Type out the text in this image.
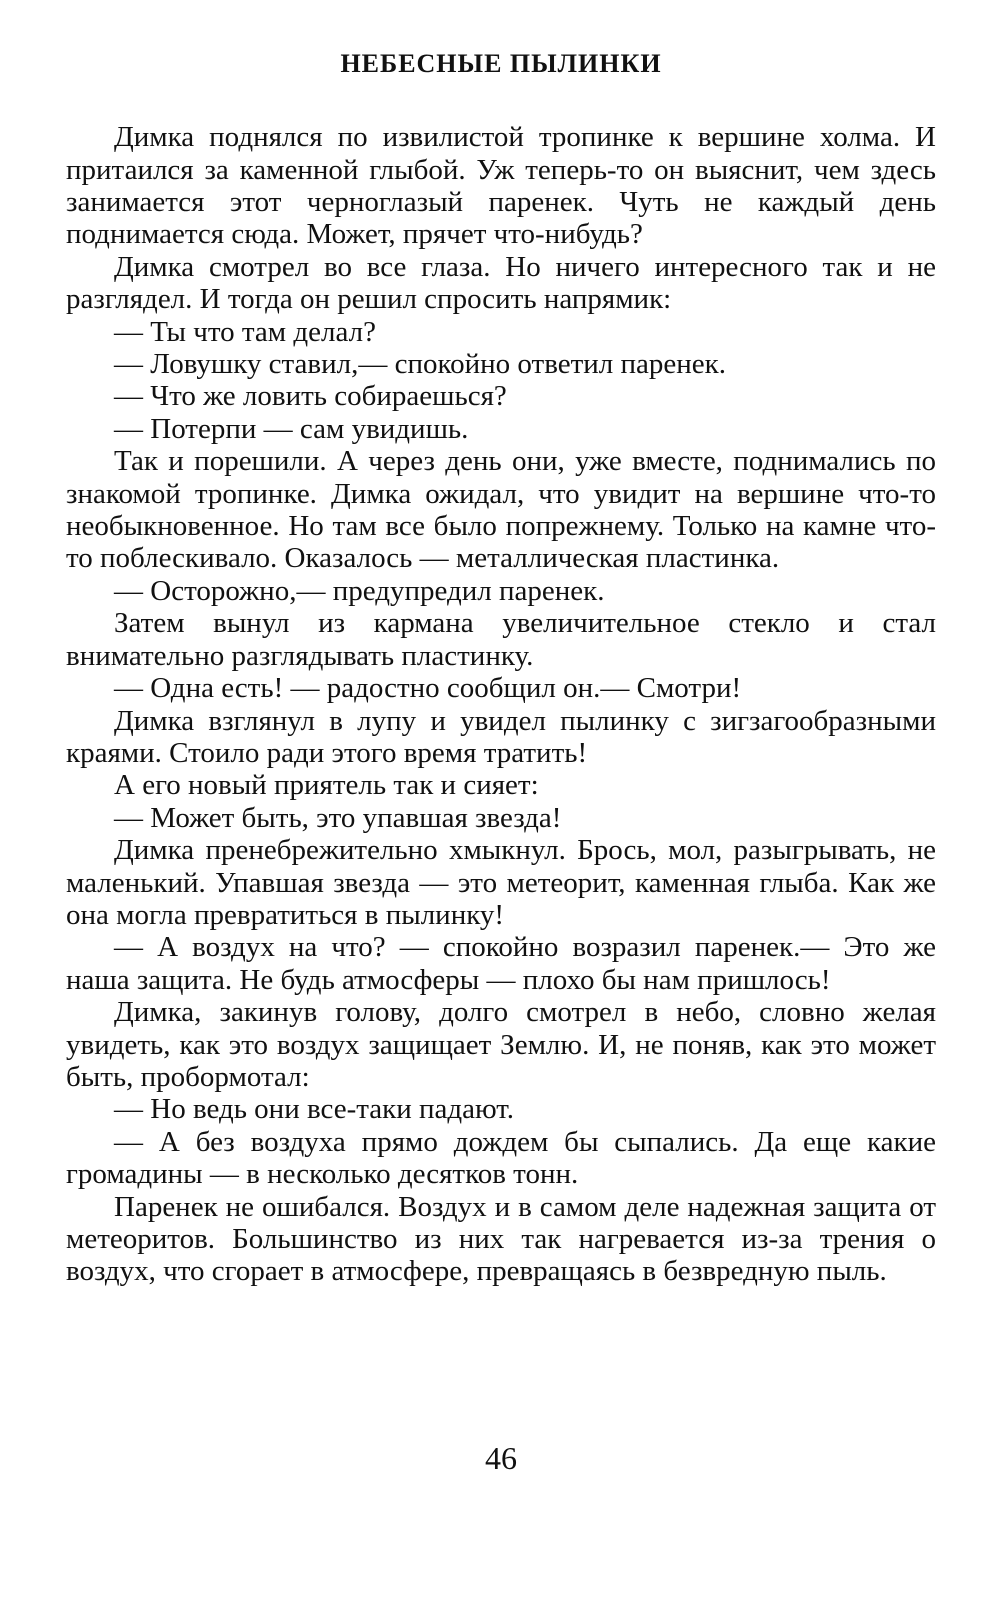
НЕБЕСНЫЕ ПЫЛИНКИ

Димка поднялся по извилистой тропинке к вершине холма. И притаился за каменной глыбой. Уж теперь-то он выяснит, чем здесь занимается этот черноглазый паренек. Чуть не каждый день поднимается сюда. Может, прячет что-нибудь?

Димка смотрел во все глаза. Но ничего интересного так и не разглядел. И тогда он решил спросить напрямик:

— Ты что там делал?

— Ловушку ставил,— спокойно ответил паренек.

— Что же ловить собираешься?

— Потерпи — сам увидишь.

Так и порешили. А через день они, уже вместе, поднимались по знакомой тропинке. Димка ожидал, что увидит на вершине что-то необыкновенное. Но там все было попрежнему. Только на камне что-то поблескивало. Оказалось — металлическая пластинка.

— Осторожно,— предупредил паренек.

Затем вынул из кармана увеличительное стекло и стал внимательно разглядывать пластинку.

— Одна есть! — радостно сообщил он.— Смотри!

Димка взглянул в лупу и увидел пылинку с зигзагообразными краями. Стоило ради этого время тратить!

А его новый приятель так и сияет:

— Может быть, это упавшая звезда!

Димка пренебрежительно хмыкнул. Брось, мол, разыгрывать, не маленький. Упавшая звезда — это метеорит, каменная глыба. Как же она могла превратиться в пылинку!

— А воздух на что? — спокойно возразил паренек.— Это же наша защита. Не будь атмосферы — плохо бы нам пришлось!

Димка, закинув голову, долго смотрел в небо, словно желая увидеть, как это воздух защищает Землю. И, не поняв, как это может быть, пробормотал:

— Но ведь они все-таки падают.

— А без воздуха прямо дождем бы сыпались. Да еще какие громадины — в несколько десятков тонн.

Паренек не ошибался. Воздух и в самом деле надежная защита от метеоритов. Большинство из них так нагревается из-за трения о воздух, что сгорает в атмосфере, превращаясь в безвредную пыль.

46
